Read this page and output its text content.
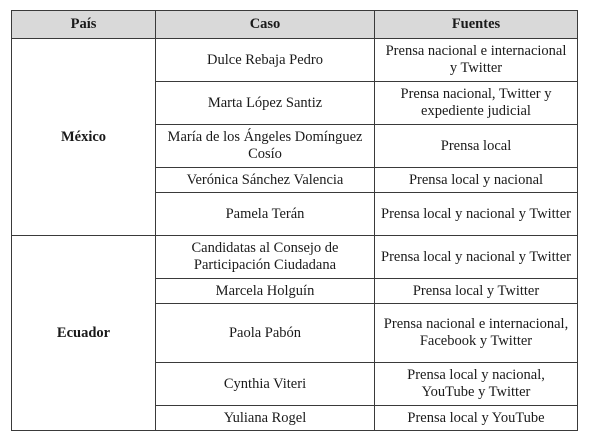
País	Caso	Fuentes
México	Dulce Rebaja Pedro	Prensa nacional e internacional y Twitter
	Marta López Santiz	Prensa nacional, Twitter y expediente judicial
	María de los Ángeles Domínguez Cosío	Prensa local
	Verónica Sánchez Valencia	Prensa local y nacional
	Pamela Terán	Prensa local y nacional y Twitter
Ecuador	Candidatas al Consejo de Participación Ciudadana	Prensa local y nacional y Twitter
	Marcela Holguín	Prensa local y Twitter
	Paola Pabón	Prensa nacional e internacional, Facebook y Twitter
	Cynthia Viteri	Prensa local y nacional, YouTube y Twitter
	Yuliana Rogel	Prensa local y YouTube
